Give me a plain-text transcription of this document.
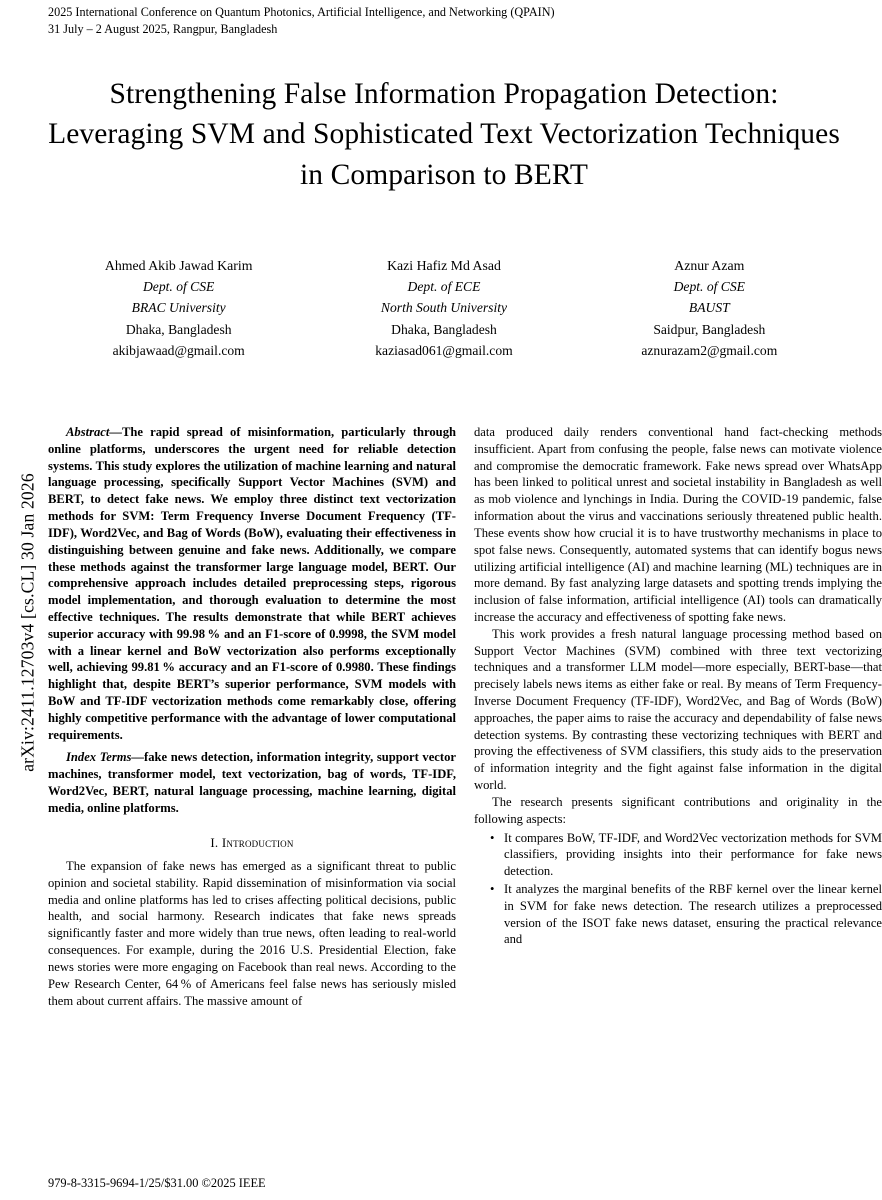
arXiv:2411.12703v4 [cs.CL] 30 Jan 2026
2025 International Conference on Quantum Photonics, Artificial Intelligence, and Networking (QPAIN)
31 July – 2 August 2025, Rangpur, Bangladesh
Strengthening False Information Propagation Detection: Leveraging SVM and Sophisticated Text Vectorization Techniques in Comparison to BERT
Ahmed Akib Jawad Karim
Dept. of CSE
BRAC University
Dhaka, Bangladesh
akibjawaad@gmail.com
Kazi Hafiz Md Asad
Dept. of ECE
North South University
Dhaka, Bangladesh
kaziasad061@gmail.com
Aznur Azam
Dept. of CSE
BAUST
Saidpur, Bangladesh
aznurazam2@gmail.com

Abstract—The rapid spread of misinformation, particularly through online platforms, underscores the urgent need for reliable detection systems. This study explores the utilization of machine learning and natural language processing, specifically Support Vector Machines (SVM) and BERT, to detect fake news. We employ three distinct text vectorization methods for SVM: Term Frequency Inverse Document Frequency (TF-IDF), Word2Vec, and Bag of Words (BoW), evaluating their effectiveness in distinguishing between genuine and fake news. Additionally, we compare these methods against the transformer large language model, BERT. Our comprehensive approach includes detailed preprocessing steps, rigorous model implementation, and thorough evaluation to determine the most effective techniques. The results demonstrate that while BERT achieves superior accuracy with 99.98 % and an F1-score of 0.9998, the SVM model with a linear kernel and BoW vectorization also performs exceptionally well, achieving 99.81 % accuracy and an F1-score of 0.9980. These findings highlight that, despite BERT’s superior performance, SVM models with BoW and TF-IDF vectorization methods come remarkably close, offering highly competitive performance with the advantage of lower computational requirements.

Index Terms—fake news detection, information integrity, support vector machines, transformer model, text vectorization, bag of words, TF-IDF, Word2Vec, BERT, natural language processing, machine learning, digital media, online platforms.

I. Introduction

The expansion of fake news has emerged as a significant threat to public opinion and societal stability. Rapid dissemination of misinformation via social media and online platforms has led to crises affecting political decisions, public health, and social harmony. Research indicates that fake news spreads significantly faster and more widely than true news, often leading to real-world consequences. For example, during the 2016 U.S. Presidential Election, fake news stories were more engaging on Facebook than real news. According to the Pew Research Center, 64 % of Americans feel false news has seriously misled them about current affairs. The massive amount of

data produced daily renders conventional hand fact-checking methods insufficient. Apart from confusing the people, false news can motivate violence and compromise the democratic framework. Fake news spread over WhatsApp has been linked to political unrest and societal instability in Bangladesh as well as mob violence and lynchings in India. During the COVID-19 pandemic, false information about the virus and vaccinations seriously threatened public health. These events show how crucial it is to have trustworthy mechanisms in place to spot false news. Consequently, automated systems that can identify bogus news utilizing artificial intelligence (AI) and machine learning (ML) techniques are in more demand. By fast analyzing large datasets and spotting trends implying the inclusion of false information, artificial intelligence (AI) tools can dramatically increase the accuracy and effectiveness of spotting fake news.

This work provides a fresh natural language processing method based on Support Vector Machines (SVM) combined with three text vectorizing techniques and a transformer LLM model—more especially, BERT-base—that precisely labels news items as either fake or real. By means of Term Frequency-Inverse Document Frequency (TF-IDF), Word2Vec, and Bag of Words (BoW) approaches, the paper aims to raise the accuracy and dependability of false news detection systems. By contrasting these vectorizing techniques with BERT and proving the effectiveness of SVM classifiers, this study aids to the preservation of information integrity and the fight against false information in the digital world.

The research presents significant contributions and originality in the following aspects:

• It compares BoW, TF-IDF, and Word2Vec vectorization methods for SVM classifiers, providing insights into their performance for fake news detection.
• It analyzes the marginal benefits of the RBF kernel over the linear kernel in SVM for fake news detection. The research utilizes a preprocessed version of the ISOT fake news dataset, ensuring the practical relevance and
979-8-3315-9694-1/25/$31.00 ©2025 IEEE
